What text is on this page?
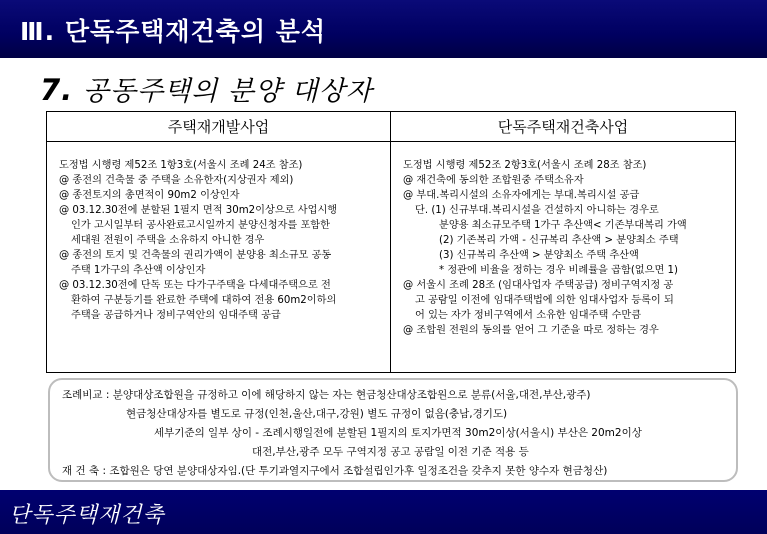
Ⅲ. 단독주택재건축의 분석
7. 공동주택의 분양 대상자
주택재개발사업	단독주택재건축사업
도정법 시행령 제52조 1항3호(서울시 조례 24조 참조)
@ 종전의 건축물 중 주택을 소유한자(지상권자 제외)
@ 종전토지의 총면적이 90m2 이상인자
@ 03.12.30전에 분할된 1필지 면적 30m2이상으로 사업시행
인가 고시일부터 공사완료고시일까지 분양신청자를 포함한
세대원 전원이 주택을 소유하지 아니한 경우
@ 종전의 토지 및 건축물의 권리가액이 분양용 최소규모 공동
주택 1가구의 추산액 이상인자
@ 03.12.30전에 단독 또는 다가구주택을 다세대주택으로 전
환하여 구분등기를 완료한 주택에 대하여 전용 60m2이하의
주택을 공급하거나 정비구역안의 임대주택 공급
도정법 시행령 제52조 2항3호(서울시 조례 28조 참조)
@ 재건축에 동의한 조합원중 주택소유자
@ 부대.복리시설의 소유자에게는 부대.복리시설 공급
단. (1) 신규부대.복리시설을 건설하지 아니하는 경우로
분양용 최소규모주택 1가구 추산액< 기존부대복리 가액
(2) 기존복리 가액 - 신규복리 추산액 > 분양최소 주택
(3) 신규복리 추산액 > 분양최소 주택 추산액
* 정관에 비율을 정하는 경우 비례률을 곱함(없으면 1)
@ 서울시 조례 28조 (임대사업자 주택공급) 정비구역지정 공
고 공람일 이전에 임대주택법에 의한 임대사업자 등록이 되
어 있는 자가 정비구역에서 소유한 임대주택 수만큼
@ 조합원 전원의 동의를 얻어 그 기준을 따로 정하는 경우
조례비교 : 분양대상조합원을 규정하고 이에 해당하지 않는 자는 현금청산대상조합원으로 분류(서울,대전,부산,광주)
현금청산대상자를 별도로 규정(인천,울산,대구,강원) 별도 규정이 없음(충남,경기도)
세부기준의 일부 상이 - 조례시행일전에 분할된 1필지의 토지가면적 30m2이상(서울시) 부산은 20m2이상
대전,부산,광주 모두 구역지정 공고 공람일 이전 기준 적용 등
재 건 축 : 조합원은 당연 분양대상자임.(단 투기과열지구에서 조합설립인가후 일정조건을 갖추지 못한 양수자 현금청산)
단독주택재건축
